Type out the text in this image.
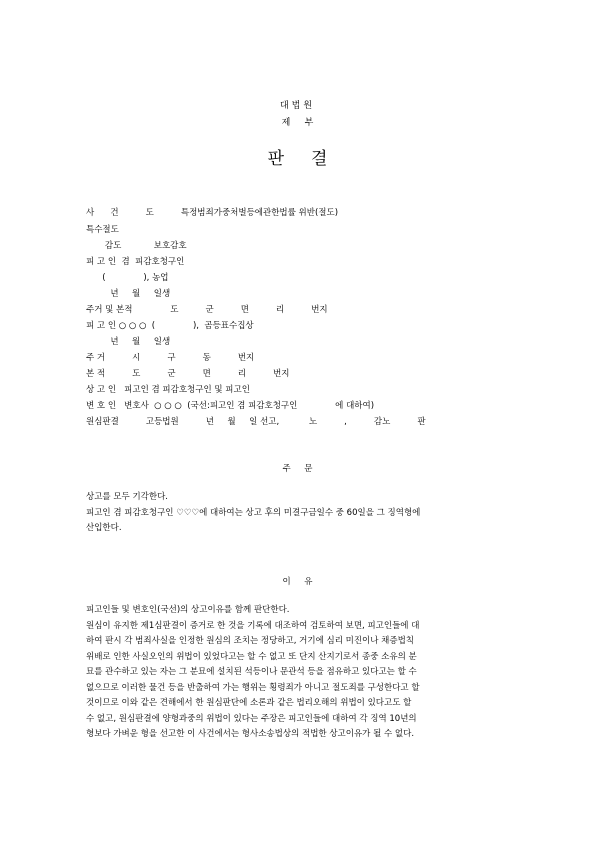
대법원
제     부
판     결
사      건          도          특정범죄가중처벌등에관한법률 위반(절도)
특수절도
감도            보호감호
피 고 인  겸  피감호청구인
(              ), 농업
년     월     일생
주거 및 본적              도          군          면          리          번지
피 고 인 ○ ○ ○  (              ),  곰등표수집상
년     월     일생
주 거          시          구          동          번지
본 적          도          군          면          리          번지
상 고 인   피고인 겸 피감호청구인 및 피고인
변 호 인   변호사  ○ ○ ○  (국선:피고인 겸 피감호청구인              에 대하여)
원심판결          고등법원          년     월     일 선고,           노          ,          감노          판
주     문
상고를 모두 기각한다.
피고인 겸 피감호청구인 ♡♡♡에 대하여는 상고 후의 미결구금일수 중 60일을 그 징역형에
산입한다.
이     유
피고인들 및 변호인(국선)의 상고이유를 함께 판단한다.
원심이 유지한 제1심판결이 증거로 한 것을 기록에 대조하여 검토하여 보면, 피고인들에 대
하여 판시 각 범죄사실을 인정한 원심의 조치는 정당하고, 거기에 심리 미진이나 채증법칙
위배로 인한 사실오인의 위법이 있었다고는 할 수 없고 또 단지 산지기로서 종중 소유의 분
묘를 관수하고 있는 자는 그 분묘에 설치된 석등이나 문관석 등을 점유하고 있다고는 할 수
없으므로 이러한 물건 등을 반출하여 가는 행위는 횡령죄가 아니고 절도죄를 구성한다고 할
것이므로 이와 같은 견해에서 한 원심판단에 소론과 같은 법리오해의 위법이 있다고도 할
수 없고, 원심판결에 양형과중의 위법이 있다는 주장은 피고인들에 대하여 각 징역 10년의
형보다 가벼운 형을 선고한 이 사건에서는 형사소송법상의 적법한 상고이유가 될 수 없다.
